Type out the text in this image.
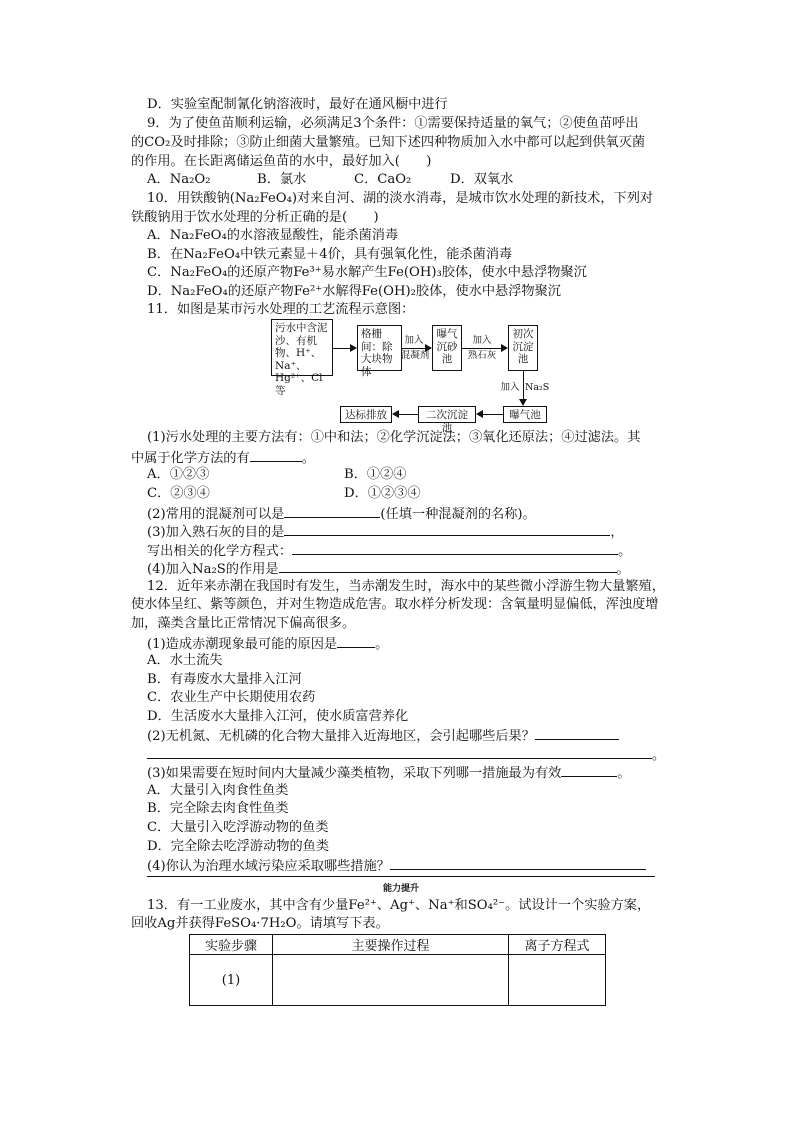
D．实验室配制氰化钠溶液时，最好在通风橱中进行
9．为了使鱼苗顺利运输，必须满足3个条件：①需要保持适量的氧气；②使鱼苗呼出
的CO₂及时排除；③防止细菌大量繁殖。已知下述四种物质加入水中都可以起到供氧灭菌
的作用。在长距离储运鱼苗的水中，最好加入(　　)
A．Na₂O₂	B．氯水	C．CaO₂	D．双氧水
10．用铁酸钠(Na₂FeO₄)对来自河、湖的淡水消毒，是城市饮水处理的新技术，下列对
铁酸钠用于饮水处理的分析正确的是(　　)
A．Na₂FeO₄的水溶液显酸性，能杀菌消毒
B．在Na₂FeO₄中铁元素显＋4价，具有强氧化性，能杀菌消毒
C．Na₂FeO₄的还原产物Fe³⁺易水解产生Fe(OH)₃胶体，使水中悬浮物聚沉
D．Na₂FeO₄的还原产物Fe²⁺水解得Fe(OH)₂胶体，使水中悬浮物聚沉
11．如图是某市污水处理的工艺流程示意图：
污水中含泥沙、有机物、H⁺、Na⁺、Hg²⁺、Cl⁻等
格栅间：除大块物体
曝气沉砂池
初次沉淀池
曝气池
二次沉淀池
达标排放
加入
混凝剂
加入
熟石灰
加入 Na₂S
(1)污水处理的主要方法有：①中和法；②化学沉淀法；③氧化还原法；④过滤法。其
中属于化学方法的有	。
A．①②③	B．①②④
C．②③④	D．①②③④
(2)常用的混凝剂可以是	(任填一种混凝剂的名称)。
(3)加入熟石灰的目的是	，
写出相关的化学方程式：	。
(4)加入Na₂S的作用是	。
12．近年来赤潮在我国时有发生，当赤潮发生时，海水中的某些微小浮游生物大量繁殖，
使水体呈红、紫等颜色，并对生物造成危害。取水样分析发现：含氧量明显偏低，浑浊度增
加，藻类含量比正常情况下偏高很多。
(1)造成赤潮现象最可能的原因是	。
A．水土流失
B．有毒废水大量排入江河
C．农业生产中长期使用农药
D．生活废水大量排入江河，使水质富营养化
(2)无机氮、无机磷的化合物大量排入近海地区，会引起哪些后果？
。
(3)如果需要在短时间内大量减少藻类植物，采取下列哪一措施最为有效	。
A．大量引入肉食性鱼类
B．完全除去肉食性鱼类
C．大量引入吃浮游动物的鱼类
D．完全除去吃浮游动物的鱼类
(4)你认为治理水域污染应采取哪些措施？
能力提升
13．有一工业废水，其中含有少量Fe²⁺、Ag⁺、Na⁺和SO₄²⁻。试设计一个实验方案，
回收Ag并获得FeSO₄·7H₂O。请填写下表。
实验步骤	主要操作过程	离子方程式
(1)		
